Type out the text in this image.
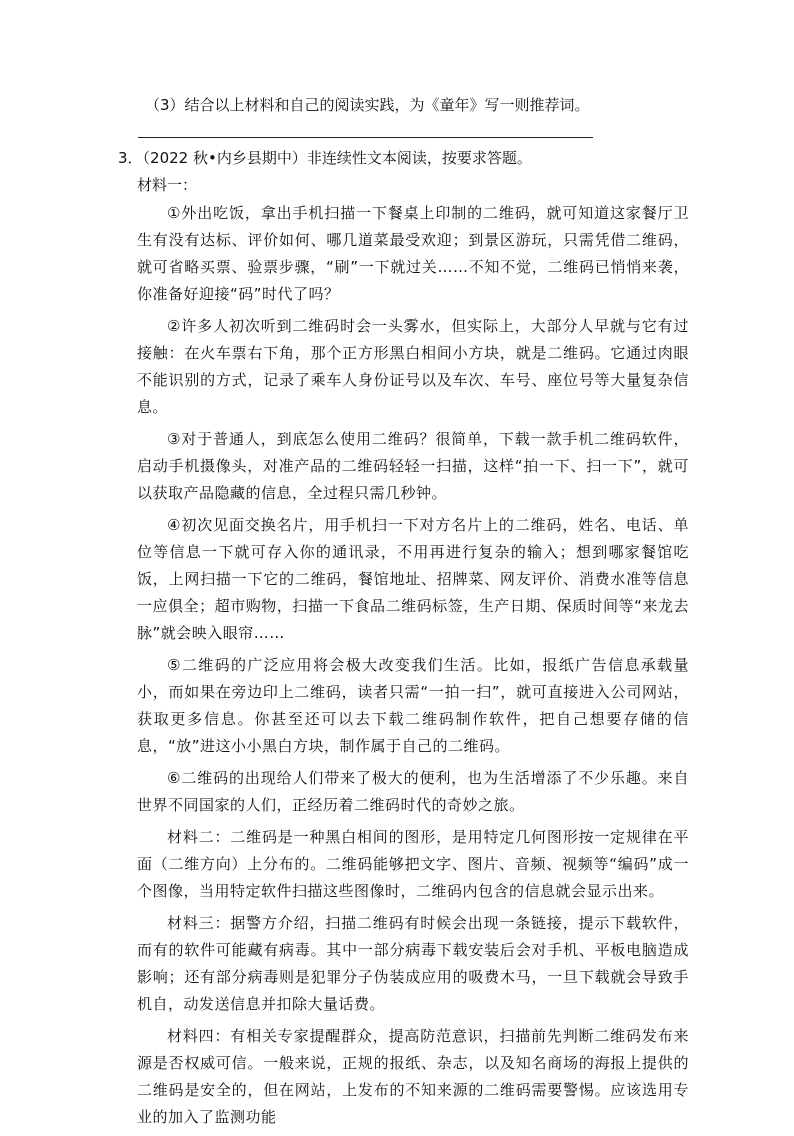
（3）结合以上材料和自己的阅读实践，为《童年》写一则推荐词。
3．（2022 秋•内乡县期中）非连续性文本阅读，按要求答题。
材料一：

①外出吃饭，拿出手机扫描一下餐桌上印制的二维码，就可知道这家餐厅卫生有没有达标、评价如何、哪几道菜最受欢迎；到景区游玩，只需凭借二维码，就可省略买票、验票步骤，“刷”一下就过关……不知不觉，二维码已悄悄来袭，你准备好迎接“码”时代了吗？

②许多人初次听到二维码时会一头雾水，但实际上，大部分人早就与它有过接触：在火车票右下角，那个正方形黑白相间小方块，就是二维码。它通过肉眼不能识别的方式，记录了乘车人身份证号以及车次、车号、座位号等大量复杂信息。

③对于普通人，到底怎么使用二维码？很简单，下载一款手机二维码软件，启动手机摄像头，对准产品的二维码轻轻一扫描，这样“拍一下、扫一下”，就可以获取产品隐藏的信息，全过程只需几秒钟。

④初次见面交换名片，用手机扫一下对方名片上的二维码，姓名、电话、单位等信息一下就可存入你的通讯录，不用再进行复杂的输入；想到哪家餐馆吃饭，上网扫描一下它的二维码，餐馆地址、招牌菜、网友评价、消费水准等信息一应俱全；超市购物，扫描一下食品二维码标签，生产日期、保质时间等“来龙去脉”就会映入眼帘……

⑤二维码的广泛应用将会极大改变我们生活。比如，报纸广告信息承载量小，而如果在旁边印上二维码，读者只需“一拍一扫”，就可直接进入公司网站，获取更多信息。你甚至还可以去下载二维码制作软件，把自己想要存储的信息，“放”进这小小黑白方块，制作属于自己的二维码。

⑥二维码的出现给人们带来了极大的便利，也为生活增添了不少乐趣。来自世界不同国家的人们，正经历着二维码时代的奇妙之旅。

材料二：二维码是一种黑白相间的图形，是用特定几何图形按一定规律在平面（二维方向）上分布的。二维码能够把文字、图片、音频、视频等“编码”成一个图像，当用特定软件扫描这些图像时，二维码内包含的信息就会显示出来。

材料三：据警方介绍，扫描二维码有时候会出现一条链接，提示下载软件，而有的软件可能藏有病毒。其中一部分病毒下载安装后会对手机、平板电脑造成影响；还有部分病毒则是犯罪分子伪装成应用的吸费木马，一旦下载就会导致手机自，动发送信息并扣除大量话费。

材料四：有相关专家提醒群众，提高防范意识，扫描前先判断二维码发布来源是否权威可信。一般来说，正规的报纸、杂志，以及知名商场的海报上提供的二维码是安全的，但在网站，上发布的不知来源的二维码需要警惕。应该选用专业的加入了监测功能
